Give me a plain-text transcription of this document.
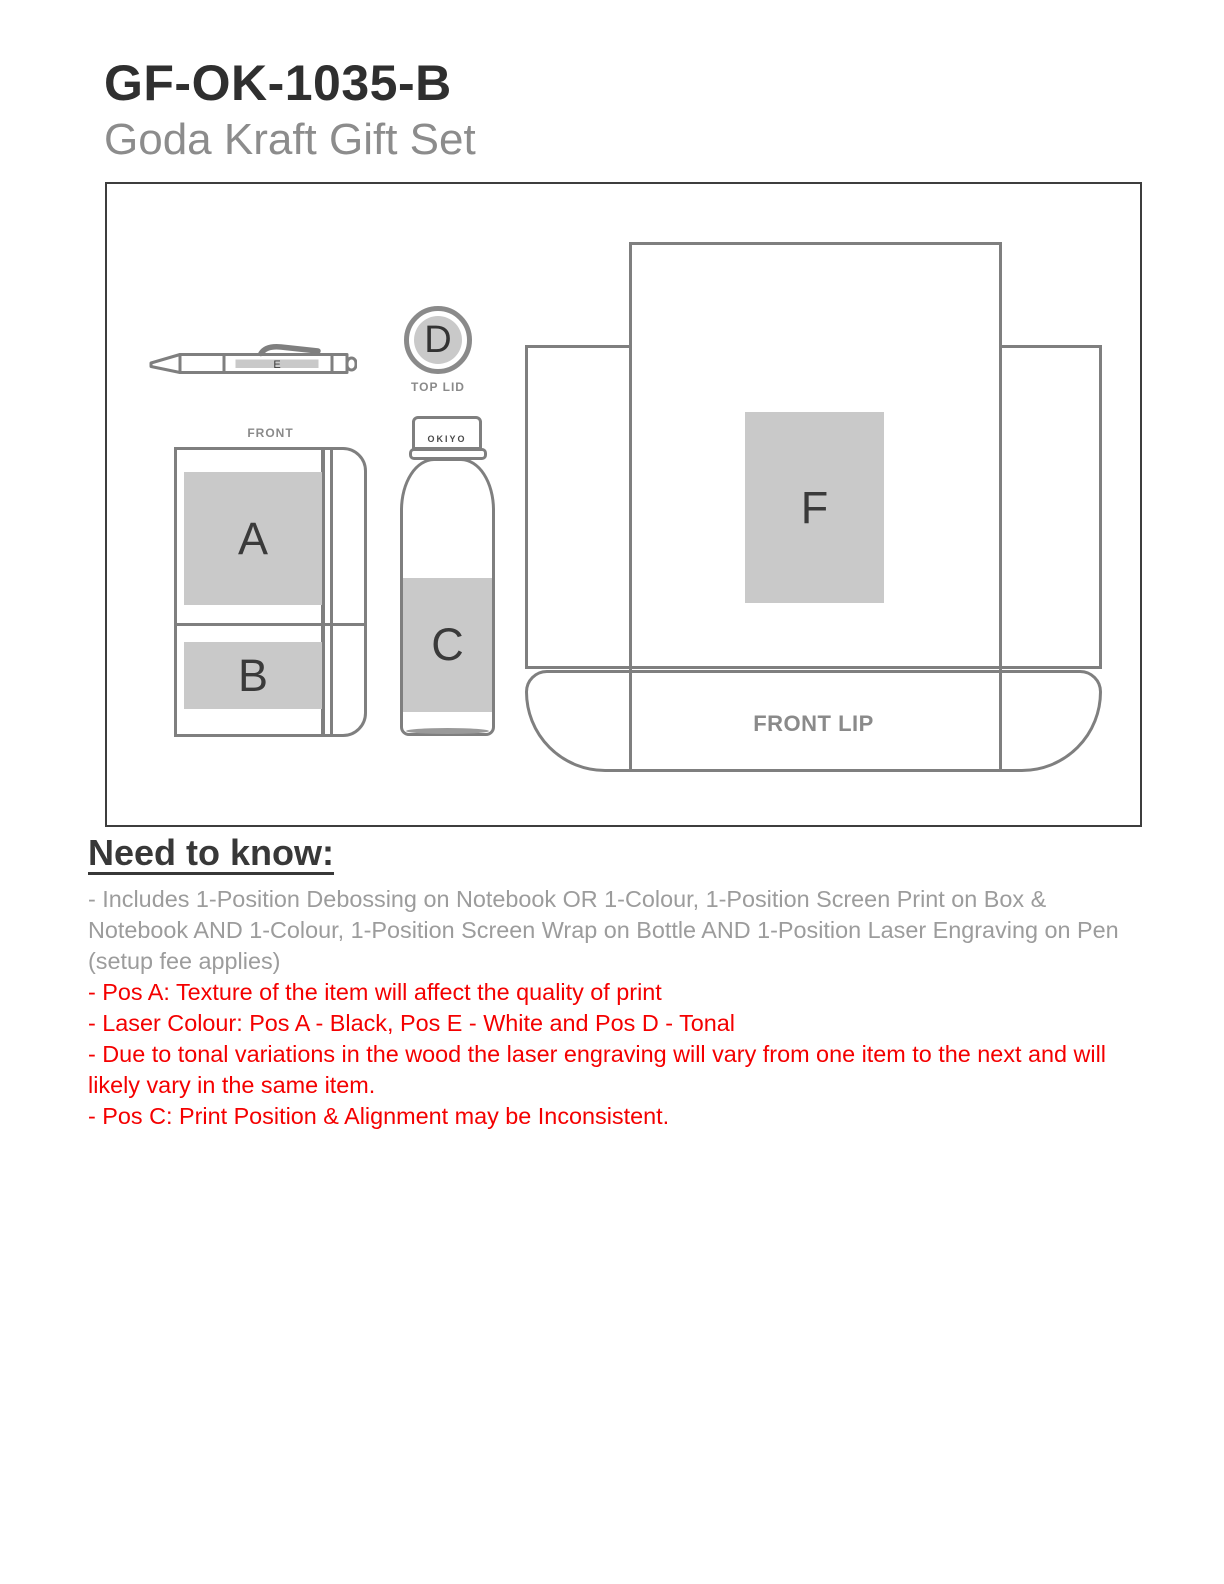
GF-OK-1035-B
Goda Kraft Gift Set
E
D
TOP LID
FRONT
A
B
OKIYO
C
FRONT LIP
F
Need to know:

- Includes 1-Position Debossing on Notebook OR 1-Colour, 1-Position Screen Print on Box & Notebook AND 1-Colour, 1-Position Screen Wrap on Bottle AND 1-Position Laser Engraving on Pen (setup fee applies)

- Pos A: Texture of the item will affect the quality of print

- Laser Colour: Pos A - Black, Pos E - White and Pos D - Tonal

- Due to tonal variations in the wood the laser engraving will vary from one item to the next and will likely vary in the same item.

- Pos C: Print Position & Alignment may be Inconsistent.
